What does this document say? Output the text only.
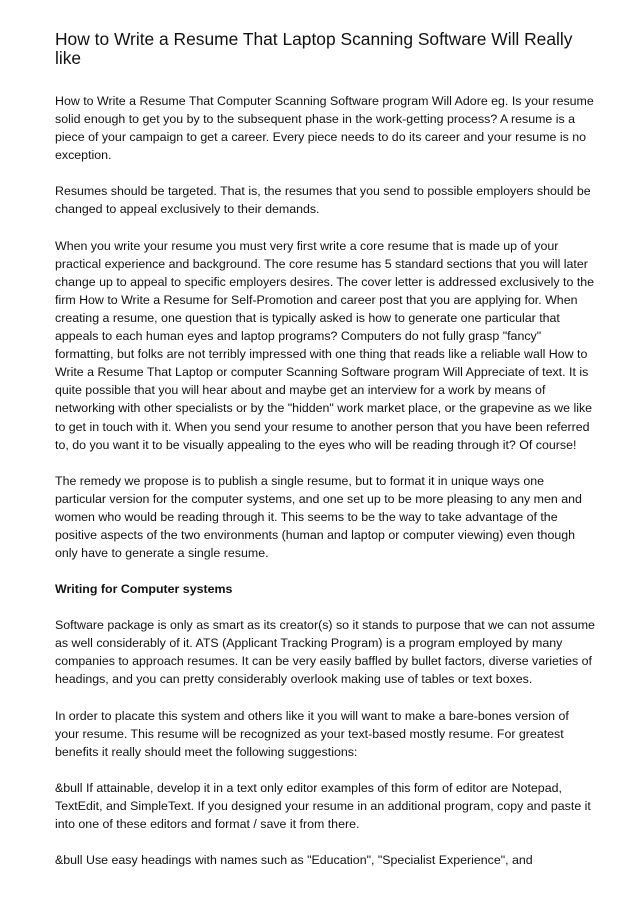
How to Write a Resume That Laptop Scanning Software Will Really like

How to Write a Resume That Computer Scanning Software program Will Adore eg. Is your resume solid enough to get you by to the subsequent phase in the work-getting process? A resume is a piece of your campaign to get a career. Every piece needs to do its career and your resume is no exception.

Resumes should be targeted. That is, the resumes that you send to possible employers should be changed to appeal exclusively to their demands.

When you write your resume you must very first write a core resume that is made up of your practical experience and background. The core resume has 5 standard sections that you will later change up to appeal to specific employers desires. The cover letter is addressed exclusively to the firm How to Write a Resume for Self-Promotion and career post that you are applying for. When creating a resume, one question that is typically asked is how to generate one particular that appeals to each human eyes and laptop programs? Computers do not fully grasp "fancy" formatting, but folks are not terribly impressed with one thing that reads like a reliable wall How to Write a Resume That Laptop or computer Scanning Software program Will Appreciate of text. It is quite possible that you will hear about and maybe get an interview for a work by means of networking with other specialists or by the "hidden" work market place, or the grapevine as we like to get in touch with it. When you send your resume to another person that you have been referred to, do you want it to be visually appealing to the eyes who will be reading through it? Of course!

The remedy we propose is to publish a single resume, but to format it in unique ways one particular version for the computer systems, and one set up to be more pleasing to any men and women who would be reading through it. This seems to be the way to take advantage of the positive aspects of the two environments (human and laptop or computer viewing) even though only have to generate a single resume.

Writing for Computer systems

Software package is only as smart as its creator(s) so it stands to purpose that we can not assume as well considerably of it. ATS (Applicant Tracking Program) is a program employed by many companies to approach resumes. It can be very easily baffled by bullet factors, diverse varieties of headings, and you can pretty considerably overlook making use of tables or text boxes.

In order to placate this system and others like it you will want to make a bare-bones version of your resume. This resume will be recognized as your text-based mostly resume. For greatest benefits it really should meet the following suggestions:

&bull If attainable, develop it in a text only editor examples of this form of editor are Notepad, TextEdit, and SimpleText. If you designed your resume in an additional program, copy and paste it into one of these editors and format / save it from there.

&bull Use easy headings with names such as "Education", "Specialist Experience", and
